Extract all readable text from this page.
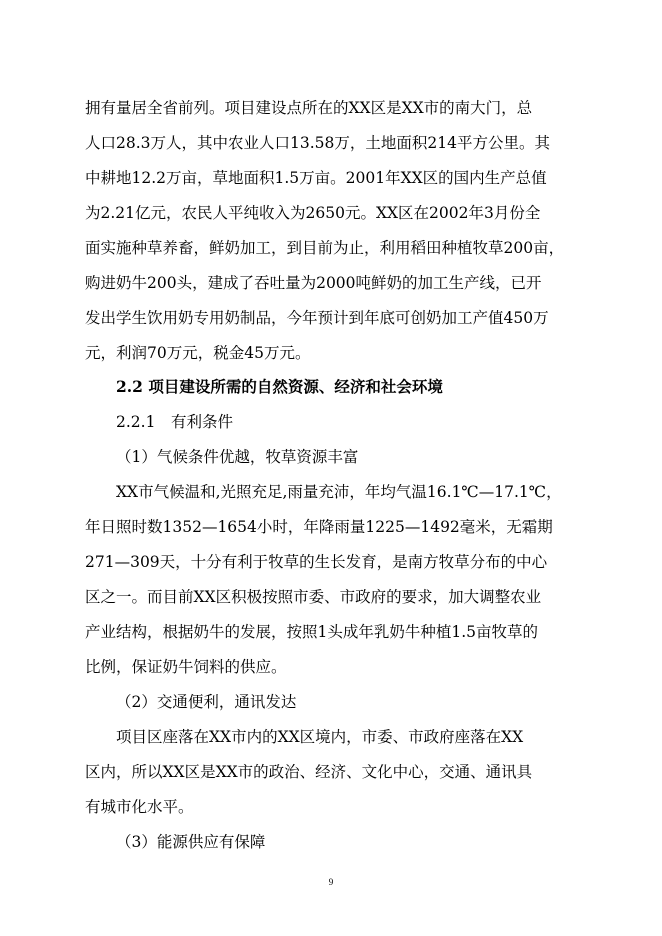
拥有量居全省前列。项目建设点所在的XX区是XX市的南大门，总
人口28.3万人，其中农业人口13.58万，土地面积214平方公里。其
中耕地12.2万亩，草地面积1.5万亩。2001年XX区的国内生产总值
为2.21亿元，农民人平纯收入为2650元。XX区在2002年3月份全
面实施种草养畜，鲜奶加工，到目前为止，利用稻田种植牧草200亩，
购进奶牛200头，建成了吞吐量为2000吨鲜奶的加工生产线，已开
发出学生饮用奶专用奶制品，今年预计到年底可创奶加工产值450万
元，利润70万元，税金45万元。
2.2 项目建设所需的自然资源、经济和社会环境
2.2.1　有利条件
（1）气候条件优越，牧草资源丰富
XX市气候温和,光照充足,雨量充沛，年均气温16.1℃—17.1℃，
年日照时数1352—1654小时，年降雨量1225—1492毫米，无霜期
271—309天，十分有利于牧草的生长发育，是南方牧草分布的中心
区之一。而目前XX区积极按照市委、市政府的要求，加大调整农业
产业结构，根据奶牛的发展，按照1头成年乳奶牛种植1.5亩牧草的
比例，保证奶牛饲料的供应。
（2）交通便利，通讯发达
项目区座落在XX市内的XX区境内，市委、市政府座落在XX
区内，所以XX区是XX市的政治、经济、文化中心，交通、通讯具
有城市化水平。
（3）能源供应有保障
9
